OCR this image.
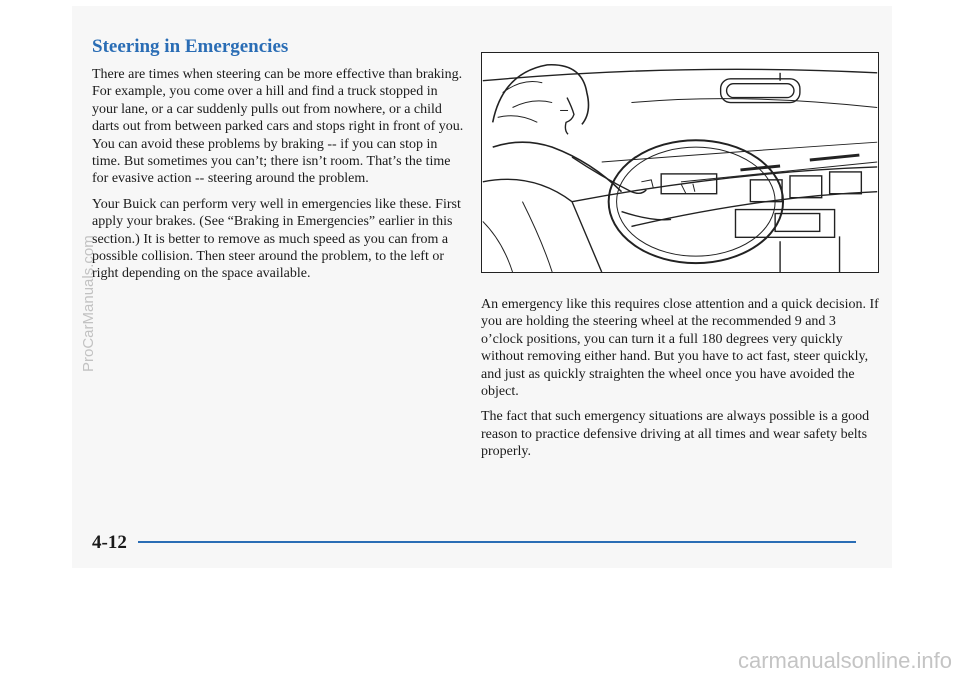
Steering in Emergencies

There are times when steering can be more effective than braking. For example, you come over a hill and find a truck stopped in your lane, or a car suddenly pulls out from nowhere, or a child darts out from between parked cars and stops right in front of you. You can avoid these problems by braking -- if you can stop in time. But sometimes you can’t; there isn’t room. That’s the time for evasive action -- steering around the problem.

Your Buick can perform very well in emergencies like these. First apply your brakes. (See “Braking in Emergencies” earlier in this section.) It is better to remove as much speed as you can from a possible collision. Then steer around the problem, to the left or right depending on the space available.

An emergency like this requires close attention and a quick decision. If you are holding the steering wheel at the recommended 9 and 3 o’clock positions, you can turn it a full 180 degrees very quickly without removing either hand. But you have to act fast, steer quickly, and just as quickly straighten the wheel once you have avoided the object.

The fact that such emergency situations are always possible is a good reason to practice defensive driving at all times and wear safety belts properly.

4-12
ProCarManuals.com
carmanualsonline.info
